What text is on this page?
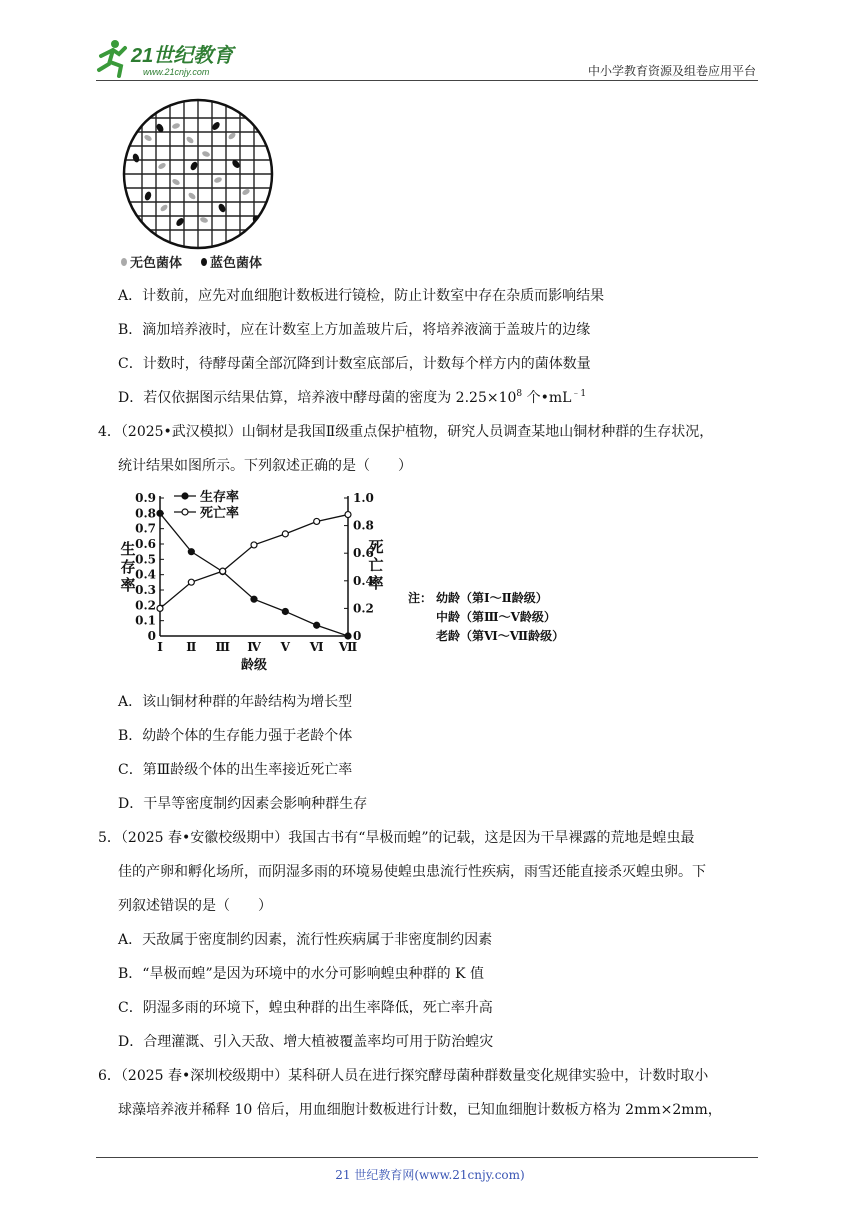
21世纪教育
www.21cnjy.com	中小学教育资源及组卷应用平台
无色菌体 蓝色菌体
A．计数前，应先对血细胞计数板进行镜检，防止计数室中存在杂质而影响结果
B．滴加培养液时，应在计数室上方加盖玻片后，将培养液滴于盖玻片的边缘
C．计数时，待酵母菌全部沉降到计数室底部后，计数每个样方内的菌体数量
D．若仅依据图示结果估算，培养液中酵母菌的密度为 $2.25\times 10^8$ 个$•mL^{﹣1}$
4．（2025•武汉模拟）山铜材是我国Ⅱ级重点保护植物，研究人员调查某地山铜材种群的生存状况，
统计结果如图所示。下列叙述正确的是（　　）
0
0.1
0.2
0.3
0.4
0.5
0.6
0.7
0.8
0.9
0
0.2
0.4
0.6
0.8
1.0
Ⅰ Ⅱ Ⅲ Ⅳ Ⅴ Ⅵ Ⅶ
龄级
生
存
率
死
亡
率
生存率
死亡率
注： 幼龄（第Ⅰ～Ⅱ龄级）
中龄（第Ⅲ～Ⅴ龄级）
老龄（第Ⅵ～Ⅶ龄级）
A．该山铜材种群的年龄结构为增长型
B．幼龄个体的生存能力强于老龄个体
C．第Ⅲ龄级个体的出生率接近死亡率
D．干旱等密度制约因素会影响种群生存
5．（2025 春•安徽校级期中）我国古书有“旱极而蝗”的记载，这是因为干旱裸露的荒地是蝗虫最
佳的产卵和孵化场所，而阴湿多雨的环境易使蝗虫患流行性疾病，雨雪还能直接杀灭蝗虫卵。下
列叙述错误的是（　　）
A．天敌属于密度制约因素，流行性疾病属于非密度制约因素
B．“旱极而蝗”是因为环境中的水分可影响蝗虫种群的 K 值
C．阴湿多雨的环境下，蝗虫种群的出生率降低，死亡率升高
D．合理灌溉、引入天敌、增大植被覆盖率均可用于防治蝗灾
6．（2025 春•深圳校级期中）某科研人员在进行探究酵母菌种群数量变化规律实验中，计数时取小
球藻培养液并稀释 10 倍后，用血细胞计数板进行计数，已知血细胞计数板方格为 2mm×2mm，
21 世纪教育网(www.21cnjy.com)
